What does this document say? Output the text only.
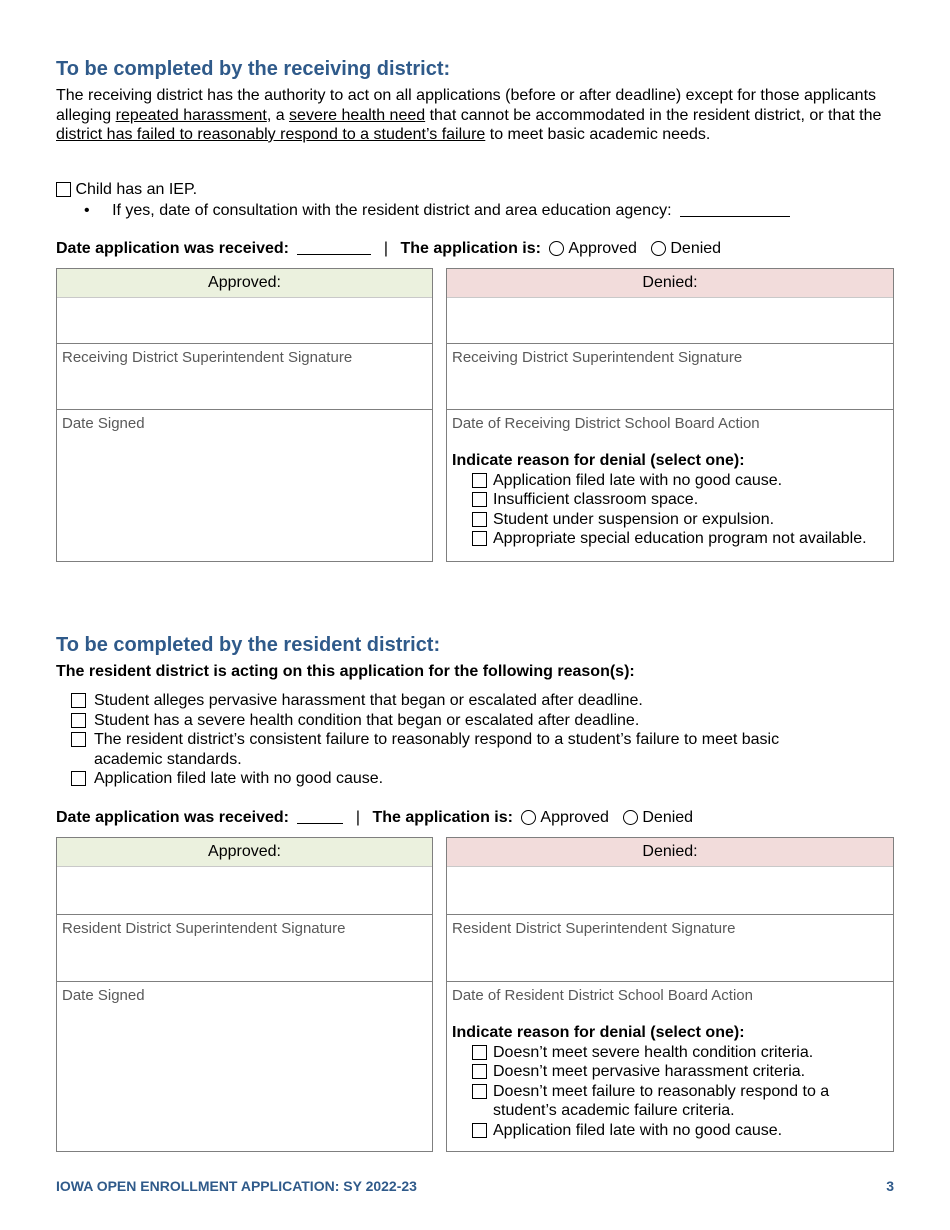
To be completed by the receiving district:
The receiving district has the authority to act on all applications (before or after deadline) except for those applicants alleging repeated harassment, a severe health need that cannot be accommodated in the resident district, or that the district has failed to reasonably respond to a student’s failure to meet basic academic needs.
Child has an IEP.
• If yes, date of consultation with the resident district and area education agency:
Date application was received:	| The application is: Approved Denied
Approved:
Receiving District Superintendent Signature
Date Signed
Denied:
Receiving District Superintendent Signature
Date of Receiving District School Board Action
Indicate reason for denial (select one):
Application filed late with no good cause.
Insufficient classroom space.
Student under suspension or expulsion.
Appropriate special education program not available.
To be completed by the resident district:
The resident district is acting on this application for the following reason(s):
Student alleges pervasive harassment that began or escalated after deadline.
Student has a severe health condition that began or escalated after deadline.
The resident district’s consistent failure to reasonably respond to a student’s failure to meet basic academic standards.
Application filed late with no good cause.
Date application was received:	| The application is: Approved Denied
Approved:
Resident District Superintendent Signature
Date Signed
Denied:
Resident District Superintendent Signature
Date of Resident District School Board Action
Indicate reason for denial (select one):
Doesn’t meet severe health condition criteria.
Doesn’t meet pervasive harassment criteria.
Doesn’t meet failure to reasonably respond to a student’s academic failure criteria.
Application filed late with no good cause.
IOWA OPEN ENROLLMENT APPLICATION: SY 2022-23	3
